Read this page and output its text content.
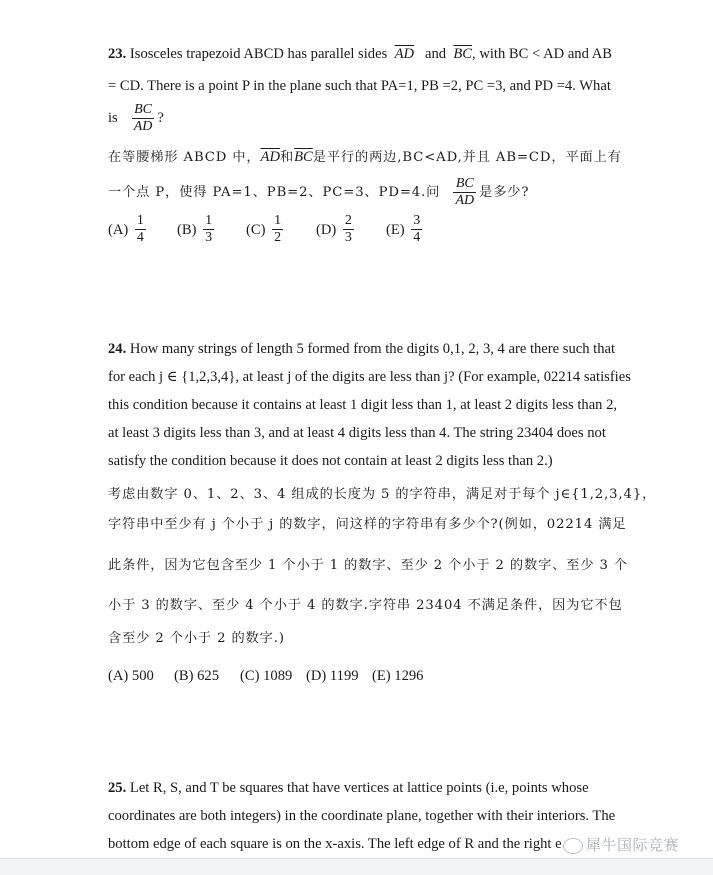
23. Isosceles trapezoid ABCD has parallel sides  $\overline{AD}$   and  $\overline{BC}$, with BC < AD and AB
= CD. There is a point P in the plane such that PA=1, PB =2, PC =3, and PD =4. What
is $\frac{BC}{AD}$ ?
在等腰梯形 ABCD 中，$\overline{AD}$和$\overline{BC}$是平行的两边,BC<AD,并且 AB=CD，平面上有
一个点 P，使得 PA=1、PB=2、PC=3、PD=4.问 $\frac{BC}{AD}$ 是多少?
$(A) \frac{1}{4} (B) \frac{1}{3} (C) \frac{1}{2} (D) \frac{2}{3} (E) \frac{3}{4}$
24. How many strings of length 5 formed from the digits 0,1, 2, 3, 4 are there such that
for each j ∈ {1,2,3,4}, at least j of the digits are less than j? (For example, 02214 satisfies
this condition because it contains at least 1 digit less than 1, at least 2 digits less than 2,
at least 3 digits less than 3, and at least 4 digits less than 4. The string 23404 does not
satisfy the condition because it does not contain at least 2 digits less than 2.)
考虑由数字 0、1、2、3、4 组成的长度为 5 的字符串，满足对于每个 j∈{1,2,3,4}，
字符串中至少有 j 个小于 j 的数字，问这样的字符串有多少个?(例如，02214 满足
此条件，因为它包含至少 1 个小于 1 的数字、至少 2 个小于 2 的数字、至少 3 个
小于 3 的数字、至少 4 个小于 4 的数字.字符串 23404 不满足条件，因为它不包
含至少 2 个小于 2 的数字.)
(A) 500 (B) 625 (C) 1089 (D) 1199 (E) 1296
25. Let R, S, and T be squares that have vertices at lattice points (i.e, points whose
coordinates are both integers) in the coordinate plane, together with their interiors. The
bottom edge of each square is on the x-axis. The left edge of R and the right e	犀牛国际竞赛
